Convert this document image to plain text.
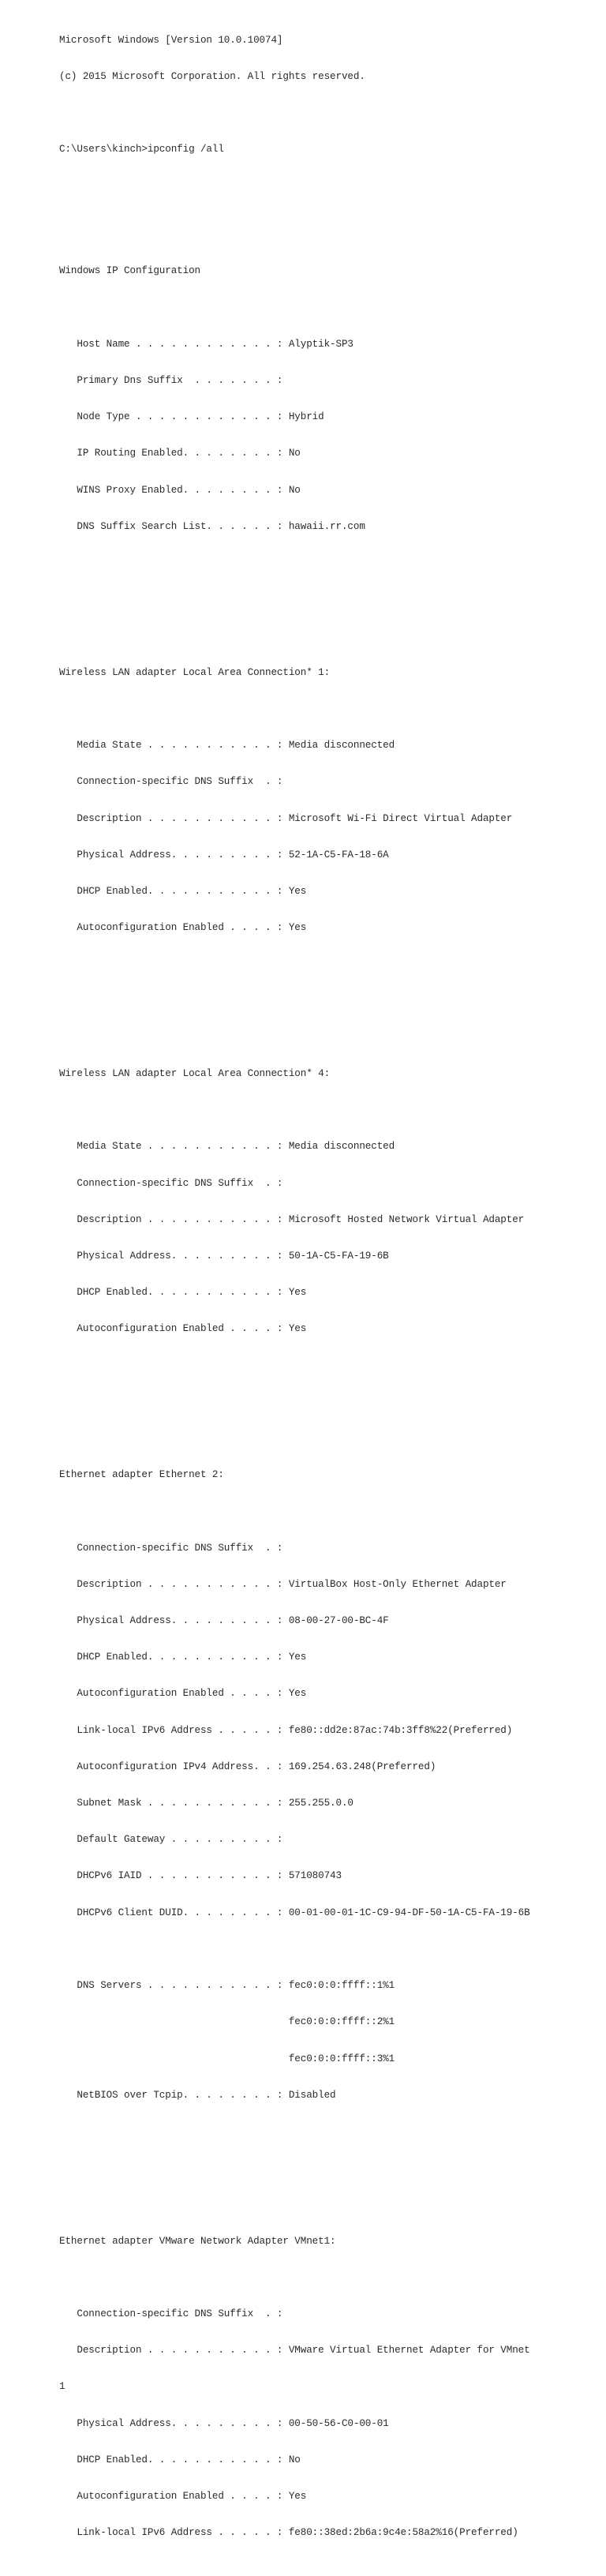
Microsoft Windows [Version 10.0.10074]

(c) 2015 Microsoft Corporation. All rights reserved.

C:\Users\kinch>ipconfig /all

Windows IP Configuration

Host Name . . . . . . . . . . . . : Alyptik-SP3

Primary Dns Suffix  . . . . . . . :

Node Type . . . . . . . . . . . . : Hybrid

IP Routing Enabled. . . . . . . . : No

WINS Proxy Enabled. . . . . . . . : No

DNS Suffix Search List. . . . . . : hawaii.rr.com

Wireless LAN adapter Local Area Connection* 1:

Media State . . . . . . . . . . . : Media disconnected

Connection-specific DNS Suffix  . :

Description . . . . . . . . . . . : Microsoft Wi-Fi Direct Virtual Adapter

Physical Address. . . . . . . . . : 52-1A-C5-FA-18-6A

DHCP Enabled. . . . . . . . . . . : Yes

Autoconfiguration Enabled . . . . : Yes

Wireless LAN adapter Local Area Connection* 4:

Media State . . . . . . . . . . . : Media disconnected

Connection-specific DNS Suffix  . :

Description . . . . . . . . . . . : Microsoft Hosted Network Virtual Adapter

Physical Address. . . . . . . . . : 50-1A-C5-FA-19-6B

DHCP Enabled. . . . . . . . . . . : Yes

Autoconfiguration Enabled . . . . : Yes

Ethernet adapter Ethernet 2:

Connection-specific DNS Suffix  . :

Description . . . . . . . . . . . : VirtualBox Host-Only Ethernet Adapter

Physical Address. . . . . . . . . : 08-00-27-00-BC-4F

DHCP Enabled. . . . . . . . . . . : Yes

Autoconfiguration Enabled . . . . : Yes

Link-local IPv6 Address . . . . . : fe80::dd2e:87ac:74b:3ff8%22(Preferred)

Autoconfiguration IPv4 Address. . : 169.254.63.248(Preferred)

Subnet Mask . . . . . . . . . . . : 255.255.0.0

Default Gateway . . . . . . . . . :

DHCPv6 IAID . . . . . . . . . . . : 571080743

DHCPv6 Client DUID. . . . . . . . : 00-01-00-01-1C-C9-94-DF-50-1A-C5-FA-19-6B

DNS Servers . . . . . . . . . . . : fec0:0:0:ffff::1%1

fec0:0:0:ffff::2%1

fec0:0:0:ffff::3%1

NetBIOS over Tcpip. . . . . . . . : Disabled

Ethernet adapter VMware Network Adapter VMnet1:

Connection-specific DNS Suffix  . :

Description . . . . . . . . . . . : VMware Virtual Ethernet Adapter for VMnet

1

Physical Address. . . . . . . . . : 00-50-56-C0-00-01

DHCP Enabled. . . . . . . . . . . : No

Autoconfiguration Enabled . . . . : Yes

Link-local IPv6 Address . . . . . : fe80::38ed:2b6a:9c4e:58a2%16(Preferred)
